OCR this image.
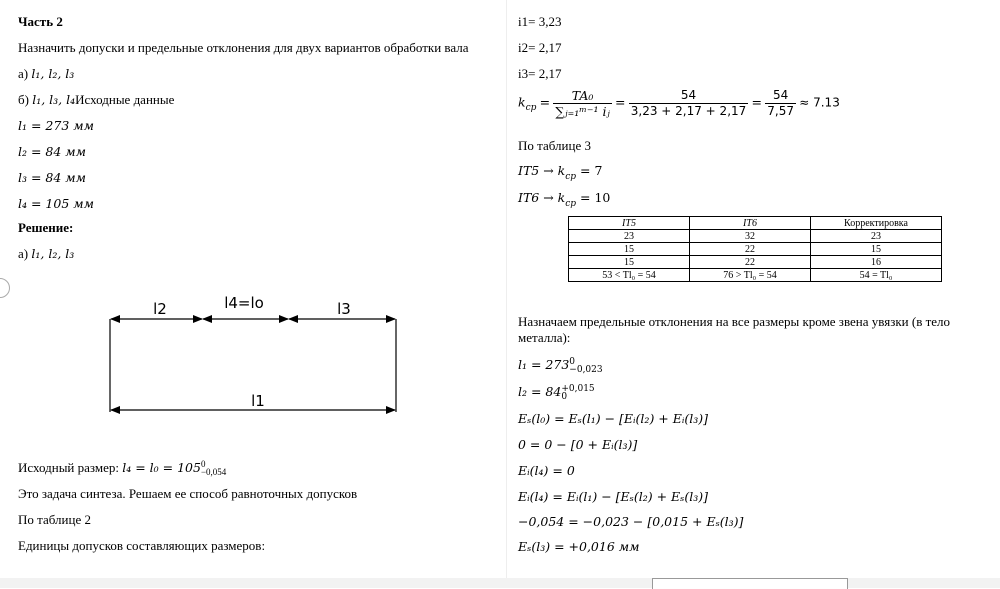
Часть 2
Назначить допуски и предельные отклонения для двух вариантов обработки вала
а) l₁, l₂, l₃
б) l₁, l₃, l₄Исходные данные
l₁ = 273 мм
l₂ = 84 мм
l₃ = 84 мм
l₄ = 105 мм
Решение:
а) l₁, l₂, l₃
Исходный размер: l₄ = l₀ = 105 0
−0,054
Это задача синтеза. Решаем ее способ равноточных допусков
По таблице 2
Единицы допусков составляющих размеров:
l2	l4=lo	l3
l1
i1= 3,23
i2= 2,17
i3= 2,17
$k_{cp} = \frac{\text{TA₀}}{\text{∑ⱼ₌₁ᵐ⁻¹ iⱼ}} = \frac{54}{3,23 + 2,17 + 2,17} = \frac{54}{7,57} \approx 7.13$
По таблице 3
$IT5 \to k_{ср} = 7$
$IT6 \to k_{ср} = 10$
Назначаем предельные отклонения на все размеры кроме звена увязки (в тело
металла):
l₁ = 273 0
−0,023
l₂ = 84 +0,015
0
Eₛ(l₀) = Eₛ(l₁) − [Eᵢ(l₂) + Eᵢ(l₃)]
0 = 0 − [0 + Eᵢ(l₃)]
Eᵢ(l₄) = 0
Eᵢ(l₄) = Eᵢ(l₁) − [Eₛ(l₂) + Eₛ(l₃)]
−0,054 = −0,023 − [0,015 + Eₛ(l₃)]
Eₛ(l₃) = +0,016 мм
IT5	IT6	Корректировка
23	32	23
15	22	15
15	22	16
53 < Tl₀ = 54	76 > Tl₀ = 54	54 = Tl₀
